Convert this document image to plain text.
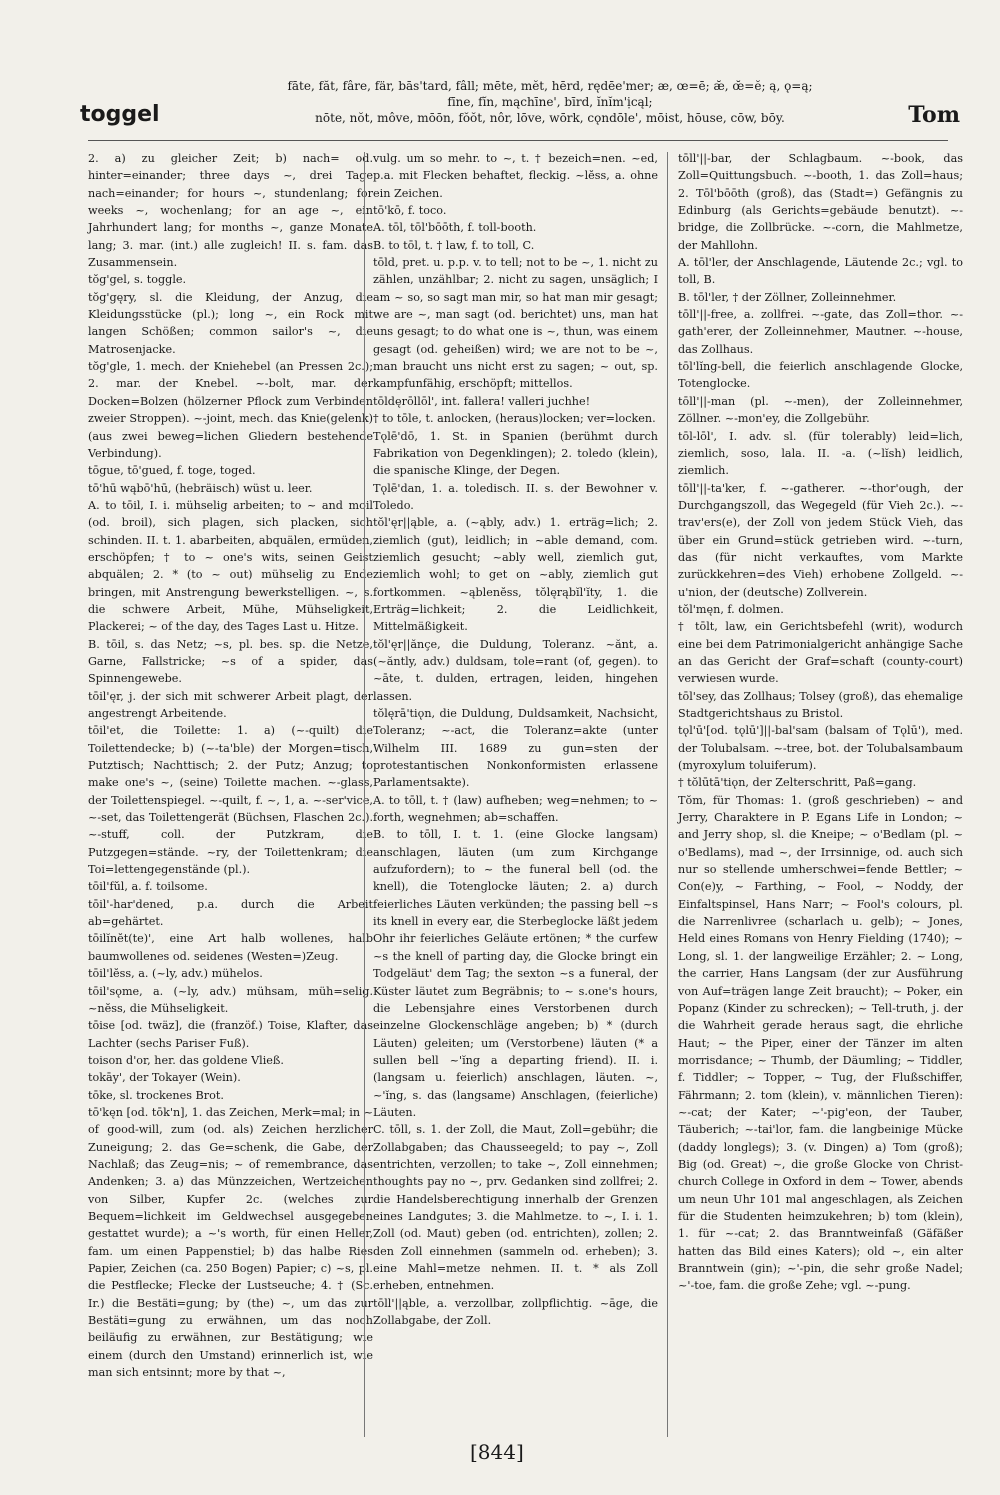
toggel
fāte, făt, fâre, fär, bās'tard, fâll; mēte, mĕt, hērd, rędēe'mer; æ, œ=ē; æ̆, œ̆=ĕ; ą, ǫ=ą;
fīne, fĭn, mąchīne', bīrd, ĭnĭm'ịcąl;
nōte, nŏt, môve, mōōn, fŏŏt, nôr, lōve, wōrk, cǫndōle', mōist, hōuse, cōw, bōy.	Tom

2. a) zu gleicher Zeit; b) nach= od. hinter=einander; three days ~, drei Tage nach=einander; for hours ~, stundenlang; for weeks ~, wochenlang; for an age ~, ein Jahrhundert lang; for months ~, ganze Monate lang; 3. mar. (int.) alle zugleich! II. s. fam. das Zusammensein.

tŏg'gel, s. toggle.

tŏg'gęry, sl. die Kleidung, der Anzug, die Kleidungsstücke (pl.); long ~, ein Rock mit langen Schößen; common sailor's ~, die Matrosenjacke.

tŏg'gle, 1. mech. der Kniehebel (an Pressen 2c.); 2. mar. der Knebel. ~-bolt, mar. der Docken=Bolzen (hölzerner Pflock zum Verbinden zweier Stroppen). ~-joint, mech. das Knie(gelenk) (aus zwei beweg=lichen Gliedern bestehende Verbindung).

tōgue, tō'gued, f. toge, toged.

tō'hū wąbō'hū, (hebräisch) wüst u. leer.

A. to tōil, I. i. mühselig arbeiten; to ~ and moil (od. broil), sich plagen, sich placken, sich schinden. II. t. 1. abarbeiten, abquälen, ermüden, erschöpfen; † to ~ one's wits, seinen Geist abquälen; 2. * (to ~ out) mühselig zu Ende bringen, mit Anstrengung bewerkstelligen. ~, s. die schwere Arbeit, Mühe, Mühseligkeit, Plackerei; ~ of the day, des Tages Last u. Hitze.

B. tōil, s. das Netz; ~s, pl. bes. sp. die Netze, Garne, Fallstricke; ~s of a spider, das Spinnengewebe.

tōil'ęr, j. der sich mit schwerer Arbeit plagt, der angestrengt Arbeitende.

tōil'et, die Toilette: 1. a) (~-quilt) die Toilettendecke; b) (~-ta'ble) der Morgen=tisch, Putztisch; Nachttisch; 2. der Putz; Anzug; to make one's ~, (seine) Toilette machen. ~-glass, der Toilettenspiegel. ~-quilt, f. ~, 1, a. ~-ser'vice, ~-set, das Toilettengerät (Büchsen, Flaschen 2c.). ~-stuff, coll. der Putzkram, die Putzgegen=stände. ~ry, der Toilettenkram; die Toi=lettengegenstände (pl.).

tōil'fŭl, a. f. toilsome.

tōil'-har'dened, p.a. durch die Arbeit ab=gehärtet.

tōilĭnĕt(te)', eine Art halb wollenes, halb baumwollenes od. seidenes (Westen=)Zeug.

tōil'lĕss, a. (~ly, adv.) mühelos.

tōil'sǫme, a. (~ly, adv.) mühsam, müh=selig. ~nĕss, die Mühseligkeit.

tōise [od. twäz], die (franzöf.) Toise, Klafter, das Lachter (sechs Pariser Fuß).

toison d'or, her. das goldene Vließ.

tokāy', der Tokayer (Wein).

tōke, sl. trockenes Brot.

tō'kęn [od. tōk'n], 1. das Zeichen, Merk=mal; in ~ of good-will, zum (od. als) Zeichen herzlicher Zuneigung; 2. das Ge=schenk, die Gabe, der Nachlaß; das Zeug=nis; ~ of remembrance, das Andenken; 3. a) das Münzzeichen, Wertzeichen von Silber, Kupfer 2c. (welches zur Bequem=lichkeit im Geldwechsel ausgegeben gestattet wurde); a ~'s worth, für einen Heller, fam. um einen Pappenstiel; b) das halbe Ries Papier, Zeichen (ca. 250 Bogen) Papier; c) ~s, pl. die Pestflecke; Flecke der Lustseuche; 4. † (Sc. Ir.) die Bestäti=gung; by (the) ~, um das zur Bestäti=gung zu erwähnen, um das noch beiläufig zu erwähnen, zur Bestätigung; wie einem (durch den Umstand) erinnerlich ist, wie man sich entsinnt; more by that ~,

vulg. um so mehr. to ~, t. † bezeich=nen. ~ed, p.a. mit Flecken behaftet, fleckig. ~lĕss, a. ohne ein Zeichen.

tō'kō, f. toco.

A. tōl, tōl'bōōth, f. toll-booth.

B. to tōl, t. † law, f. to toll, C.

tōld, pret. u. p.p. v. to tell; not to be ~, 1. nicht zu zählen, unzählbar; 2. nicht zu sagen, unsäglich; I am ~ so, so sagt man mir, so hat man mir gesagt; we are ~, man sagt (od. berichtet) uns, man hat uns gesagt; to do what one is ~, thun, was einem gesagt (od. geheißen) wird; we are not to be ~, man braucht uns nicht erst zu sagen; ~ out, sp. kampfunfähig, erschöpft; mittellos.

tōldęrōllōl', int. fallera! valleri juchhe!

† to tōle, t. anlocken, (heraus)locken; ver=locken.

Tǫlē'dō, 1. St. in Spanien (berühmt durch Fabrikation von Degenklingen); 2. toledo (klein), die spanische Klinge, der Degen.

Tǫlē'dan, 1. a. toledisch. II. s. der Bewohner v. Toledo.

tŏl'ęr||ąble, a. (~ąbly, adv.) 1. erträg=lich; 2. ziemlich (gut), leidlich; in ~able demand, com. ziemlich gesucht; ~ably well, ziemlich gut, ziemlich wohl; to get on ~ably, ziemlich gut fortkommen. ~ąblenĕss, tŏlęrąbĭl'ĭty, 1. die Erträg=lichkeit; 2. die Leidlichkeit, Mittelmäßigkeit.

tŏl'ęr||ănçe, die Duldung, Toleranz. ~ănt, a. (~ăntly, adv.) duldsam, tole=rant (of, gegen). to ~āte, t. dulden, ertragen, leiden, hingehen lassen.

tŏlęrā'tiǫn, die Duldung, Duldsamkeit, Nachsicht, Toleranz; ~-act, die Toleranz=akte (unter Wilhelm III. 1689 zu gun=sten der protestantischen Nonkonformisten erlassene Parlamentsakte).

A. to tōll, t. † (law) aufheben; weg=nehmen; to ~ forth, wegnehmen; ab=schaffen.

B. to tōll, I. t. 1. (eine Glocke langsam) anschlagen, läuten (um zum Kirchgange aufzufordern); to ~ the funeral bell (od. the knell), die Totenglocke läuten; 2. a) durch feierliches Läuten verkünden; the passing bell ~s its knell in every ear, die Sterbeglocke läßt jedem Ohr ihr feierliches Geläute ertönen; * the curfew ~s the knell of parting day, die Glocke bringt ein Todgeläut' dem Tag; the sexton ~s a funeral, der Küster läutet zum Begräbnis; to ~ s.one's hours, die Lebensjahre eines Verstorbenen durch einzelne Glockenschläge angeben; b) * (durch Läuten) geleiten; um (Verstorbene) läuten (* a sullen bell ~'ĭng a departing friend). II. i. (langsam u. feierlich) anschlagen, läuten. ~, ~'ĭng, s. das (langsame) Anschlagen, (feierliche) Läuten.

C. tōll, s. 1. der Zoll, die Maut, Zoll=gebühr; die Zollabgaben; das Chausseegeld; to pay ~, Zoll entrichten, verzollen; to take ~, Zoll einnehmen; thoughts pay no ~, prv. Gedanken sind zollfrei; 2. die Handelsberechtigung innerhalb der Grenzen eines Landgutes; 3. die Mahlmetze. to ~, I. i. 1. Zoll (od. Maut) geben (od. entrichten), zollen; 2. den Zoll einnehmen (sammeln od. erheben); 3. eine Mahl=metze nehmen. II. t. * als Zoll erheben, entnehmen.

tōll'||ąble, a. verzollbar, zollpflichtig. ~āge, die Zollabgabe, der Zoll.

tōll'||-bar, der Schlagbaum. ~-book, das Zoll=Quittungsbuch. ~-booth, 1. das Zoll=haus; 2. Tōl'bōōth (groß), das (Stadt=) Gefängnis zu Edinburg (als Gerichts=gebäude benutzt). ~-bridge, die Zollbrücke. ~-corn, die Mahlmetze, der Mahllohn.

A. tōl'ler, der Anschlagende, Läutende 2c.; vgl. to toll, B.

B. tōl'ler, † der Zöllner, Zolleinnehmer.

tōll'||-free, a. zollfrei. ~-gate, das Zoll=thor. ~-gath'erer, der Zolleinnehmer, Mautner. ~-house, das Zollhaus.

tōl'lĭng-bell, die feierlich anschlagende Glocke, Totenglocke.

tōll'||-man (pl. ~-men), der Zolleinnehmer, Zöllner. ~-mon'ey, die Zollgebühr.

tōl-lōl', I. adv. sl. (für tolerably) leid=lich, ziemlich, soso, lala. II. -a. (~lĭsh) leidlich, ziemlich.

tōll'||-ta'ker, f. ~-gatherer. ~-thor'ough, der Durchgangszoll, das Wegegeld (für Vieh 2c.). ~-trav'ers(e), der Zoll von jedem Stück Vieh, das über ein Grund=stück getrieben wird. ~-turn, das (für nicht verkauftes, vom Markte zurückkehren=des Vieh) erhobene Zollgeld. ~-u'nion, der (deutsche) Zollverein.

tŏl'męn, f. dolmen.

† tōlt, law, ein Gerichtsbefehl (writ), wodurch eine bei dem Patrimonialgericht anhängige Sache an das Gericht der Graf=schaft (county-court) verwiesen wurde.

tōl'sey, das Zollhaus; Tolsey (groß), das ehemalige Stadtgerichtshaus zu Bristol.

tǫl'ū'[od. tǫlū']||-bal'sam (balsam of Tǫlū'), med. der Tolubalsam. ~-tree, bot. der Tolubalsambaum (myroxylum toluiferum).

† tŏlūtā'tiǫn, der Zelterschritt, Paß=gang.

Tŏm, für Thomas: 1. (groß geschrieben) ~ and Jerry, Charaktere in P. Egans Life in London; ~ and Jerry shop, sl. die Kneipe; ~ o'Bedlam (pl. ~ o'Bedlams), mad ~, der Irrsinnige, od. auch sich nur so stellende umherschwei=fende Bettler; ~ Con(e)y, ~ Farthing, ~ Fool, ~ Noddy, der Einfaltspinsel, Hans Narr; ~ Fool's colours, pl. die Narrenlivree (scharlach u. gelb); ~ Jones, Held eines Romans von Henry Fielding (1740); ~ Long, sl. 1. der langweilige Erzähler; 2. ~ Long, the carrier, Hans Langsam (der zur Ausführung von Auf=trägen lange Zeit braucht); ~ Poker, ein Popanz (Kinder zu schrecken); ~ Tell-truth, j. der die Wahrheit gerade heraus sagt, die ehrliche Haut; ~ the Piper, einer der Tänzer im alten morrisdance; ~ Thumb, der Däumling; ~ Tiddler, f. Tiddler; ~ Topper, ~ Tug, der Flußschiffer, Fährmann; 2. tom (klein), v. männlichen Tieren): ~-cat; der Kater; ~'-pig'eon, der Tauber, Täuberich; ~-tai'lor, fam. die langbeinige Mücke (daddy longlegs); 3. (v. Dingen) a) Tom (groß); Big (od. Great) ~, die große Glocke von Christ-church College in Oxford in dem ~ Tower, abends um neun Uhr 101 mal angeschlagen, als Zeichen für die Studenten heimzukehren; b) tom (klein), 1. für ~-cat; 2. das Branntweinfaß (Gäfäßer hatten das Bild eines Katers); old ~, ein alter Branntwein (gin); ~'-pin, die sehr große Nadel; ~'-toe, fam. die große Zehe; vgl. ~-pung.

[844]
